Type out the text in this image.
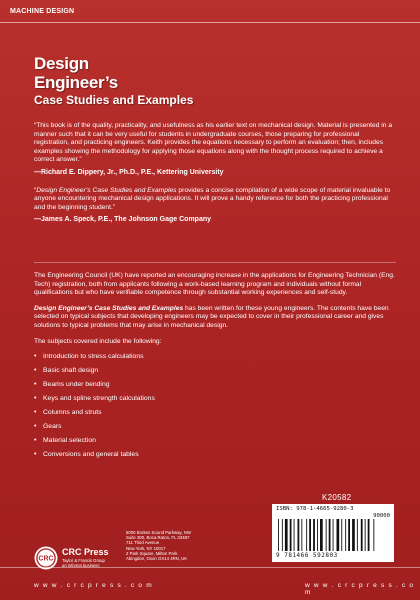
MACHINE DESIGN
Design
Engineer’s
Case Studies and Examples

“This book is of the quality, practicality, and usefulness as his earlier text on mechanical design. Material is presented in a manner such that it can be very useful for students in undergraduate courses, those preparing for professional registration, and practicing engineers. Keith provides the equations necessary to perform an evaluation; then, includes examples showing the methodology for applying those equations along with the thought process required to achieve a correct answer.”

—Richard E. Dippery, Jr., Ph.D., P.E., Kettering University

“Design Engineer’s Case Studies and Examples provides a concise compilation of a wide scope of material invaluable to anyone encountering mechanical design applications. It will prove a handy reference for both the practicing professional and the beginning student.”

—James A. Speck, P.E., The Johnson Gage Company

The Engineering Council (UK) have reported an encouraging increase in the applications for Engineering Technician (Eng. Tech) registration, both from applicants following a work-based learning program and individuals without formal qualifications but who have verifiable competence through substantial working experiences and self-study.

Design Engineer’s Case Studies and Examples has been written for these young engineers. The contents have been selected on typical subjects that developing engineers may be expected to cover in their professional career and gives solutions to typical problems that may arise in mechanical design.

The subjects covered include the following:

• Introduction to stress calculations
• Basic shaft design
• Beams under bending
• Keys and spline strength calculations
• Columns and struts
• Gears
• Material selection
• Conversions and general tables
K20582
ISBN: 978-1-4665-9280-3
90000
9 781466 592803
CRC
CRC Press
Taylor & Francis Group
an informa business
6000 Broken Sound Parkway, NW
Suite 300, Boca Raton, FL 33487
711 Third Avenue
New York, NY 10017
2 Park Square, Milton Park
Abingdon, Oxon OX14 4RN, UK
w w w . c r c p r e s s . c o m	w w w . c r c p r e s s . c o m
